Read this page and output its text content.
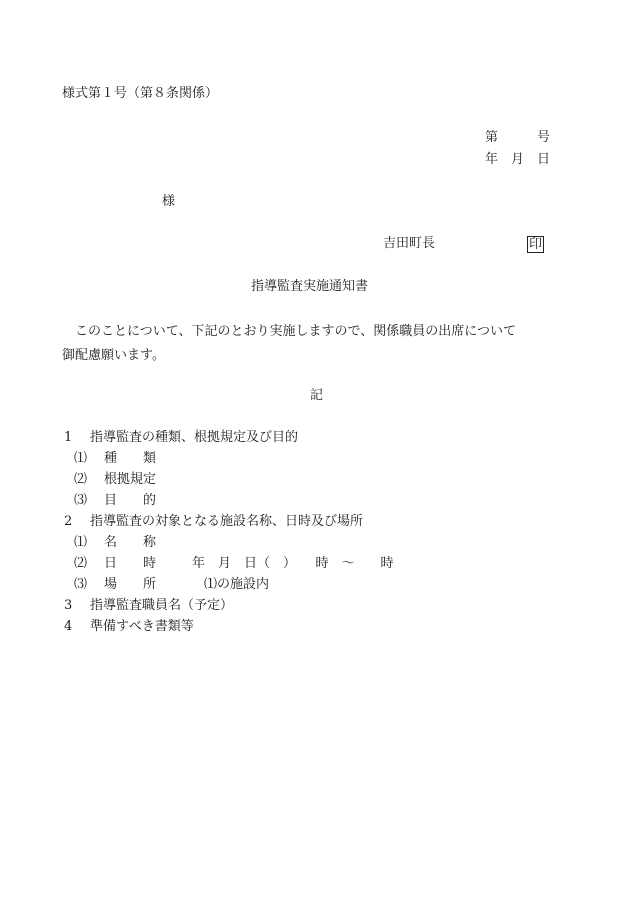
様式第１号（第８条関係）
第　　　号
年　月　日
様
吉田町長	印
指導監査実施通知書

このことについて、下記のとおり実施しますので、関係職員の出席について

御配慮願います。
記
1 指導監査の種類、根拠規定及び目的
⑴ 種　　類
⑵ 根拠規定
⑶ 目　　的
2 指導監査の対象となる施設名称、日時及び場所
⑴ 名　　称
⑵ 日　　時	年　月　日（　）　　時　〜　　時
⑶ 場　　所	⑴の施設内
3 指導監査職員名（予定）
4 準備すべき書類等
